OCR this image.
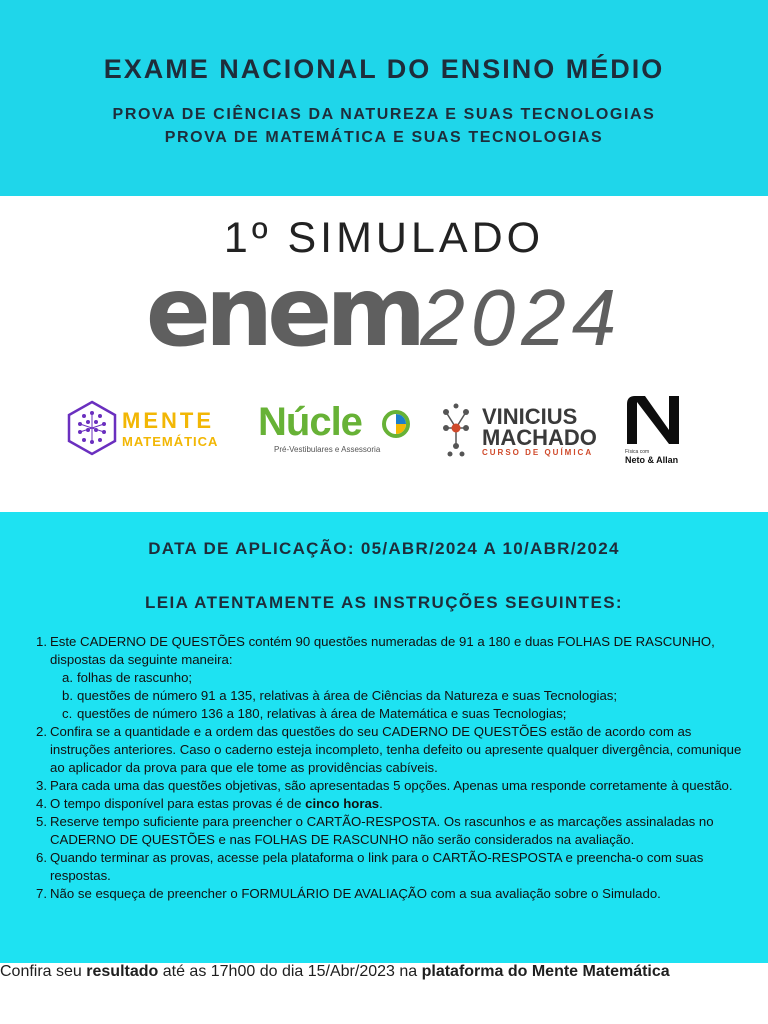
EXAME NACIONAL DO ENSINO MÉDIO
PROVA DE CIÊNCIAS DA NATUREZA E SUAS TECNOLOGIAS
PROVA DE MATEMÁTICA E SUAS TECNOLOGIAS
1º SIMULADO
enem2024
MENTE
MATEMÁTICA Núcle
Pré-Vestibulares e Assessoria
VINICIUS
MACHADO
CURSO DE QUÍMICA	Física com
Neto & Allan
DATA DE APLICAÇÃO: 05/ABR/2024 A 10/ABR/2024
LEIA ATENTAMENTE AS INSTRUÇÕES SEGUINTES:
1. Este CADERNO DE QUESTÕES contém 90 questões numeradas de 91 a 180 e duas FOLHAS DE RASCUNHO, dispostas da seguinte maneira:
a. folhas de rascunho;
b. questões de número 91 a 135, relativas à área de Ciências da Natureza e suas Tecnologias;
c. questões de número 136 a 180, relativas à área de Matemática e suas Tecnologias;
2. Confira se a quantidade e a ordem das questões do seu CADERNO DE QUESTÕES estão de acordo com as instruções anteriores. Caso o caderno esteja incompleto, tenha defeito ou apresente qualquer divergência, comunique ao aplicador da prova para que ele tome as providências cabíveis.
3. Para cada uma das questões objetivas, são apresentadas 5 opções. Apenas uma responde corretamente à questão.
4. O tempo disponível para estas provas é de cinco horas.
5. Reserve tempo suficiente para preencher o CARTÃO-RESPOSTA. Os rascunhos e as marcações assinaladas no CADERNO DE QUESTÕES e nas FOLHAS DE RASCUNHO não serão considerados na avaliação.
6. Quando terminar as provas, acesse pela plataforma o link para o CARTÃO-RESPOSTA e preencha-o com suas respostas.
7. Não se esqueça de preencher o FORMULÁRIO DE AVALIAÇÃO com a sua avaliação sobre o Simulado.
Confira seu resultado até as 17h00 do dia 15/Abr/2023 na plataforma do Mente Matemática
